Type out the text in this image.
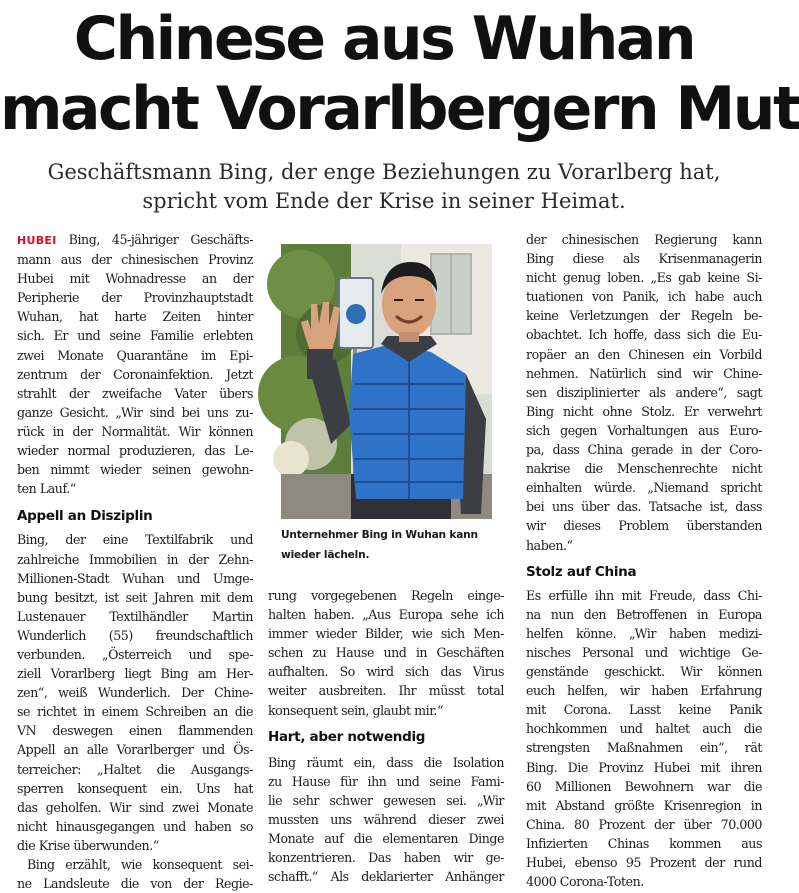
Chinese aus Wuhan
macht Vorarlbergern Mut
Geschäftsmann Bing, der enge Beziehungen zu Vorarlberg hat,
spricht vom Ende der Krise in seiner Heimat.
HUBEI Bing, 45-jähriger Geschäfts-
mann aus der chinesischen Provinz
Hubei mit Wohnadresse an der
Peripherie der Provinzhauptstadt
Wuhan, hat harte Zeiten hinter
sich. Er und seine Familie erlebten
zwei Monate Quarantäne im Epi-
zentrum der Coronainfektion. Jetzt
strahlt der zweifache Vater übers
ganze Gesicht. „Wir sind bei uns zu-
rück in der Normalität. Wir können
wieder normal produzieren, das Le-
ben nimmt wieder seinen gewohn-
ten Lauf.“
Appell an Disziplin
Bing, der eine Textilfabrik und
zahlreiche Immobilien in der Zehn-
Millionen-Stadt Wuhan und Umge-
bung besitzt, ist seit Jahren mit dem
Lustenauer Textilhändler Martin
Wunderlich (55) freundschaftlich
verbunden. „Österreich und spe-
ziell Vorarlberg liegt Bing am Her-
zen“, weiß Wunderlich. Der Chine-
se richtet in einem Schreiben an die
VN deswegen einen flammenden
Appell an alle Vorarlberger und Ös-
terreicher: „Haltet die Ausgangs-
sperren konsequent ein. Uns hat
das geholfen. Wir sind zwei Monate
nicht hinausgegangen und haben so
die Krise überwunden.“
Bing erzählt, wie konsequent sei-
ne Landsleute die von der Regie-
Unternehmer Bing in Wuhan kann
wieder lächeln.
rung vorgegebenen Regeln einge-
halten haben. „Aus Europa sehe ich
immer wieder Bilder, wie sich Men-
schen zu Hause und in Geschäften
aufhalten. So wird sich das Virus
weiter ausbreiten. Ihr müsst total
konsequent sein, glaubt mir.“
Hart, aber notwendig
Bing räumt ein, dass die Isolation
zu Hause für ihn und seine Fami-
lie sehr schwer gewesen sei. „Wir
mussten uns während dieser zwei
Monate auf die elementaren Dinge
konzentrieren. Das haben wir ge-
schafft.“ Als deklarierter Anhänger
der chinesischen Regierung kann
Bing diese als Krisenmanagerin
nicht genug loben. „Es gab keine Si-
tuationen von Panik, ich habe auch
keine Verletzungen der Regeln be-
obachtet. Ich hoffe, dass sich die Eu-
ropäer an den Chinesen ein Vorbild
nehmen. Natürlich sind wir Chine-
sen disziplinierter als andere“, sagt
Bing nicht ohne Stolz. Er verwehrt
sich gegen Vorhaltungen aus Euro-
pa, dass China gerade in der Coro-
nakrise die Menschenrechte nicht
einhalten würde. „Niemand spricht
bei uns über das. Tatsache ist, dass
wir dieses Problem überstanden
haben.“
Stolz auf China
Es erfülle ihn mit Freude, dass Chi-
na nun den Betroffenen in Europa
helfen könne. „Wir haben medizi-
nisches Personal und wichtige Ge-
genstände geschickt. Wir können
euch helfen, wir haben Erfahrung
mit Corona. Lasst keine Panik
hochkommen und haltet auch die
strengsten Maßnahmen ein“, rät
Bing. Die Provinz Hubei mit ihren
60 Millionen Bewohnern war die
mit Abstand größte Krisenregion in
China. 80 Prozent der über 70.000
Infizierten Chinas kommen aus
Hubei, ebenso 95 Prozent der rund
4000 Corona-Toten.
